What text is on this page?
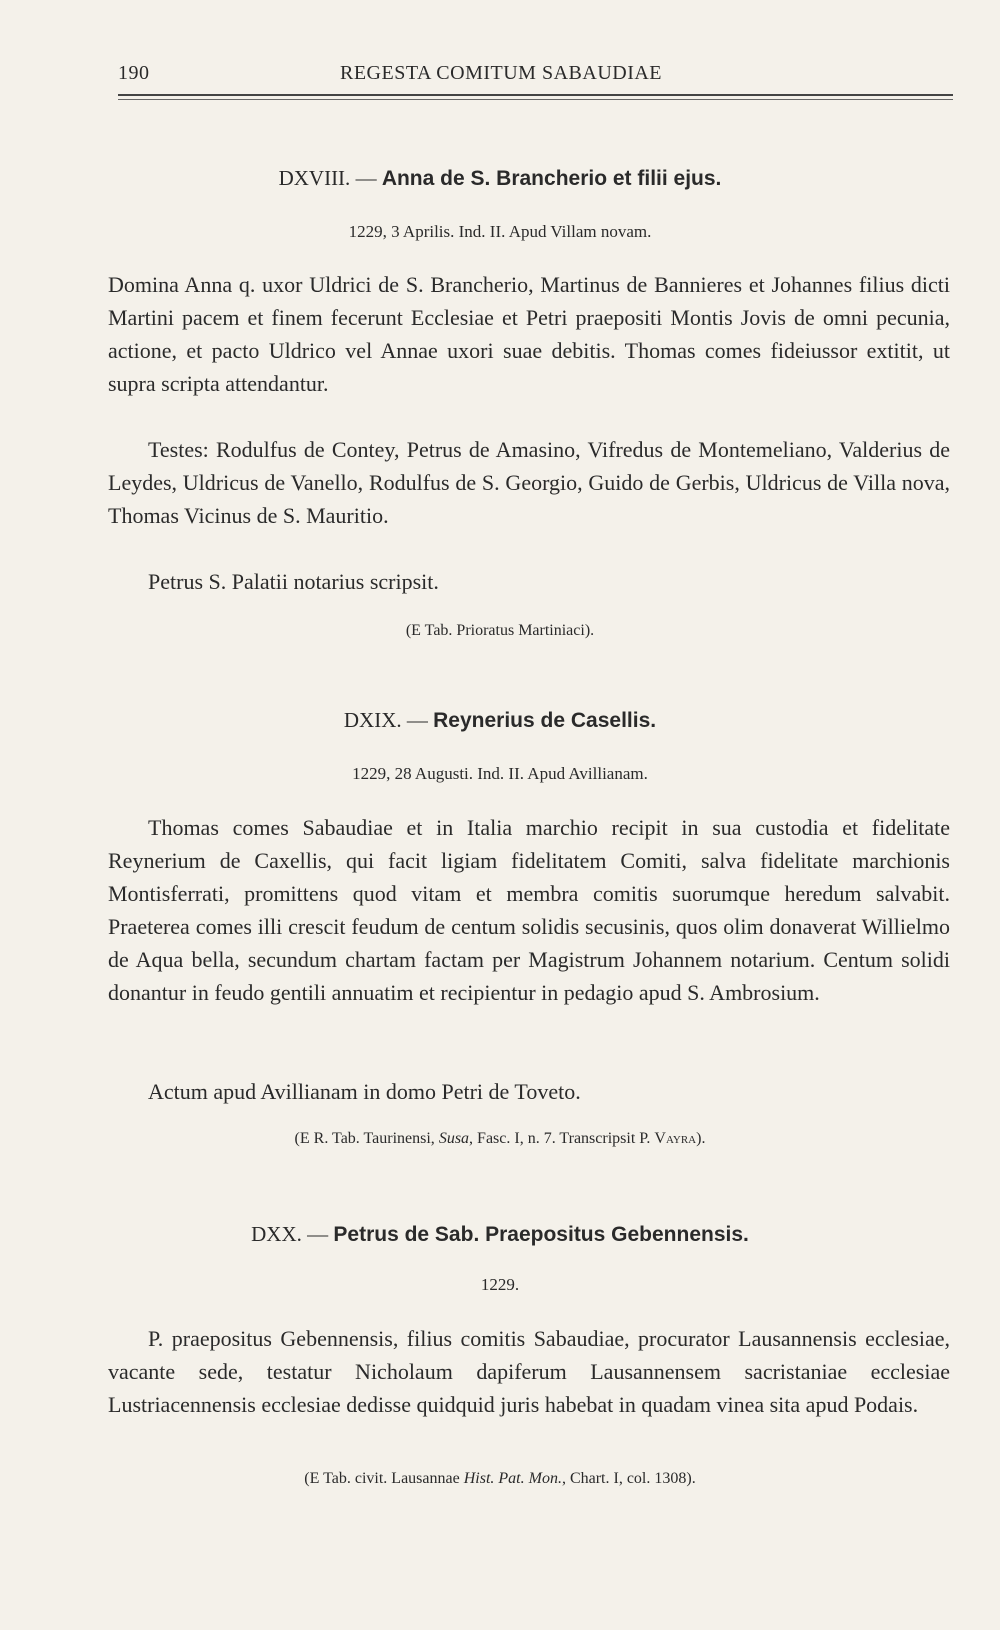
190	REGESTA COMITUM SABAUDIAE
DXVIII. — Anna de S. Brancherio et filii ejus.
1229, 3 Aprilis. Ind. II. Apud Villam novam.

Domina Anna q. uxor Uldrici de S. Brancherio, Martinus de Bannieres et Johannes filius dicti Martini pacem et finem fecerunt Ecclesiae et Petri praepositi Montis Jovis de omni pecunia, actione, et pacto Uldrico vel Annae uxori suae debitis. Thomas comes fideiussor extitit, ut supra scripta attendantur.

Testes: Rodulfus de Contey, Petrus de Amasino, Vifredus de Montemeliano, Valderius de Leydes, Uldricus de Vanello, Rodulfus de S. Georgio, Guido de Gerbis, Uldricus de Villa nova, Thomas Vicinus de S. Mauritio.

Petrus S. Palatii notarius scripsit.

(E Tab. Prioratus Martiniaci).
DXIX. — Reynerius de Casellis.
1229, 28 Augusti. Ind. II. Apud Avillianam.

Thomas comes Sabaudiae et in Italia marchio recipit in sua custodia et fidelitate Reynerium de Caxellis, qui facit ligiam fidelitatem Comiti, salva fidelitate marchionis Montisferrati, promittens quod vitam et membra comitis suorumque heredum salvabit. Praeterea comes illi crescit feudum de centum solidis secusinis, quos olim donaverat Willielmo de Aqua bella, secundum chartam factam per Magistrum Johannem notarium. Centum solidi donantur in feudo gentili annuatim et recipientur in pedagio apud S. Ambrosium.

Actum apud Avillianam in domo Petri de Toveto.

(E R. Tab. Taurinensi, Susa, Fasc. I, n. 7. Transcripsit P. Vayra).
DXX. — Petrus de Sab. Praepositus Gebennensis.
1229.

P. praepositus Gebennensis, filius comitis Sabaudiae, procurator Lausannensis ecclesiae, vacante sede, testatur Nicholaum dapiferum Lausannensem sacristaniae ecclesiae Lustriacennensis ecclesiae dedisse quidquid juris habebat in quadam vinea sita apud Podais.

(E Tab. civit. Lausannae Hist. Pat. Mon., Chart. I, col. 1308).
